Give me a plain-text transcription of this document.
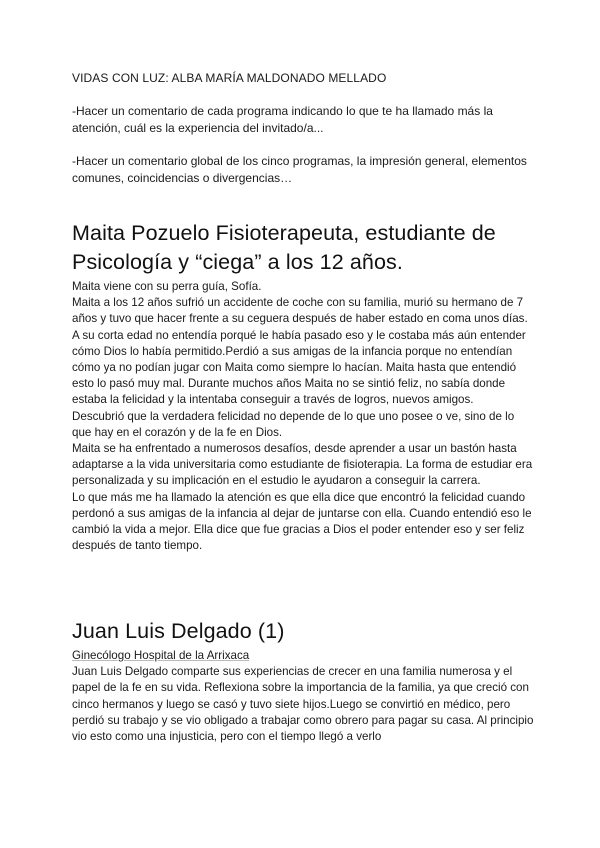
VIDAS CON LUZ: ALBA MARÍA MALDONADO MELLADO

-Hacer un comentario de cada programa indicando lo que te ha llamado más la atención, cuál es la experiencia del invitado/a...

-Hacer un comentario global de los cinco programas, la impresión general, elementos comunes, coincidencias o divergencias…

Maita Pozuelo Fisioterapeuta, estudiante de Psicología y “ciega” a los 12 años.

Maita viene con su perra guía, Sofía.

Maita a los 12 años sufrió un accidente de coche con su familia, murió su hermano de 7 años y tuvo que hacer frente a su ceguera después de haber estado en coma unos días. A su corta edad no entendía porqué le había pasado eso y le costaba más aún entender cómo Dios lo había permitido.Perdió a sus amigas de la infancia porque no entendían cómo ya no podían jugar con Maita como siempre lo hacían. Maita hasta que entendió esto lo pasó muy mal. Durante muchos años Maita no se sintió feliz, no sabía donde estaba la felicidad y la intentaba conseguir a través de logros, nuevos amigos.

Descubrió que la verdadera felicidad no depende de lo que uno posee o ve, sino de lo que hay en el corazón y de la fe en Dios.

Maita se ha enfrentado a numerosos desafíos, desde aprender a usar un bastón hasta adaptarse a la vida universitaria como estudiante de fisioterapia. La forma de estudiar era personalizada y su implicación en el estudio le ayudaron a conseguir la carrera.

Lo que más me ha llamado la atención es que ella dice que encontró la felicidad cuando perdonó a sus amigas de la infancia al dejar de juntarse con ella. Cuando entendió eso le cambió la vida a mejor. Ella dice que fue gracias a Dios el poder entender eso y ser feliz después de tanto tiempo.

Juan Luis Delgado (1)

Ginecólogo Hospital de la Arrixaca

Juan Luis Delgado comparte sus experiencias de crecer en una familia numerosa y el papel de la fe en su vida. Reflexiona sobre la importancia de la familia, ya que creció con cinco hermanos y luego se casó y tuvo siete hijos.Luego se convirtió en médico, pero perdió su trabajo y se vio obligado a trabajar como obrero para pagar su casa. Al principio vio esto como una injusticia, pero con el tiempo llegó a verlo
